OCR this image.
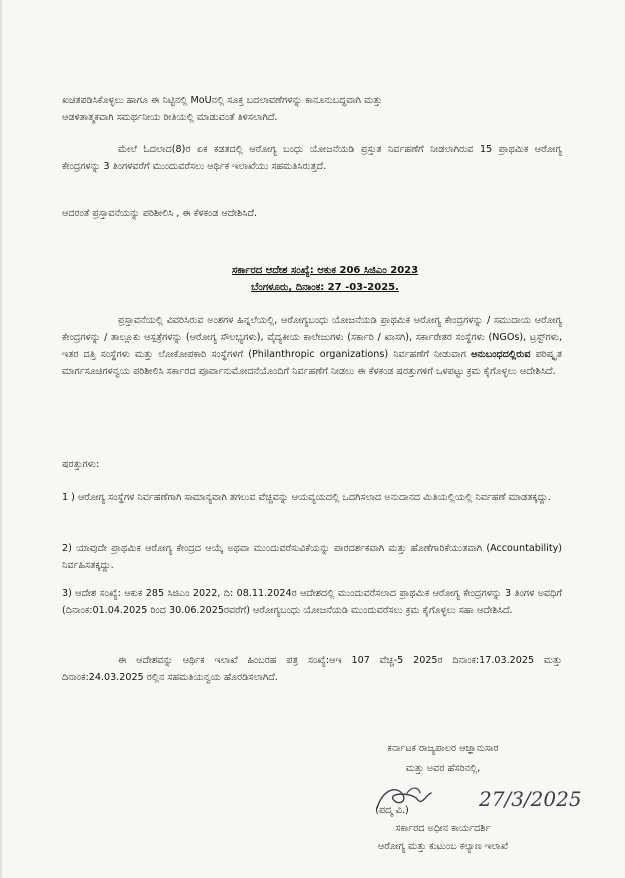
ಖಚಿತಪಡಿಸಿಕೊಳ್ಳಲು ಹಾಗೂ ಈ ನಿಟ್ಟಿನಲ್ಲಿ MoUನಲ್ಲಿ ಸೂಕ್ತ ಬದಲಾವಣೆಗಳನ್ನು ಕಾನೂನುಬದ್ಧವಾಗಿ ಮತ್ತು
ಆಡಳಿತಾತ್ಮಕವಾಗಿ ಸಮರ್ಥನೀಯ ರೀತಿಯಲ್ಲಿ ಮಾಡುವಂತೆ ತಿಳಿಸಲಾಗಿದೆ.
ಮೇಲೆ ಓದಲಾದ(8)ರ ಏಕ ಕಡತದಲ್ಲಿ ಆರೋಗ್ಯ ಬಂಧು ಯೋಜನೆಯಡಿ ಪ್ರಸ್ತುತ ನಿರ್ವಹಣೆಗೆ ನೀಡಲಾಗಿರುವ 15 ಪ್ರಾಥಮಿಕ ಆರೋಗ್ಯ ಕೇಂದ್ರಗಳನ್ನು 3 ತಿಂಗಳವರೆಗೆ ಮುಂದುವರೆಸಲು ಆರ್ಥಿಕ ಇಲಾಖೆಯು ಸಹಮತಿಸಿರುತ್ತದೆ.
ಆದರಂತೆ ಪ್ರಸ್ತಾವನೆಯನ್ನು ಪರಿಶೀಲಿಸಿ , ಈ ಕೆಳಕಂಡ ಆದೇಶಿಸಿದೆ.
ಸರ್ಕಾರದ ಆದೇಶ ಸಂಖ್ಯೆ: ಆಕುಕ 206 ಸಿಜಿಎಂ 2023
ಬೆಂಗಳೂರು, ದಿನಾಂಕ: 27 -03-2025.
ಪ್ರಸ್ತಾವನೆಯಲ್ಲಿ ವಿವರಿಸಿರುವ ಅಂಶಗಳ ಹಿನ್ನಲೆಯಲ್ಲಿ, ಆರೋಗ್ಯಬಂಧು ಯೋಜನೆಯಡಿ ಪ್ರಾಥಮಿಕ ಆರೋಗ್ಯ ಕೇಂದ್ರಗಳನ್ನು / ಸಮುದಾಯ ಆರೋಗ್ಯ ಕೇಂದ್ರಗಳನ್ನು / ತಾಲ್ಲೂಕು ಆಸ್ಪತ್ರೆಗಳನ್ನು (ಆರೋಗ್ಯ ಸೌಲಭ್ಯಗಳು), ವೈದ್ಯಕೀಯ ಕಾಲೇಜುಗಳು (ಸರ್ಕಾರಿ / ಖಾಸಗಿ), ಸರ್ಕಾರೇತರ ಸಂಸ್ಥೆಗಳು (NGOs), ಟ್ರಸ್ಟ್‌ಗಳು, ಇತರ ದತ್ತಿ ಸಂಸ್ಥೆಗಳು ಮತ್ತು ಲೋಕೋಪಕಾರಿ ಸಂಸ್ಥೆಗಳಿಗೆ (Philanthropic organizations) ನಿರ್ವಹಣೆಗೆ ನೀಡುವಾಗ ಅನುಬಂಧದಲ್ಲಿರುವ ಪರಿಷ್ಕೃತ ಮಾರ್ಗಸೂಚಿಗಳನ್ವಯ ಪರಿಶೀಲಿಸಿ ಸರ್ಕಾರದ ಪೂರ್ವಾನುಮೋದನೆಯೊಂದಿಗೆ ನಿರ್ವಹಣೆಗೆ ನೀಡಲು ಈ ಕೆಳಕಂಡ ಷರತ್ತುಗಳಿಗೆ ಒಳಪಟ್ಟು ಕ್ರಮ ಕೈಗೊಳ್ಳಲು ಆದೇಶಿಸಿದೆ.
ಷರತ್ತುಗಳು:
1 ) ಆರೋಗ್ಯ ಸಂಸ್ಥೆಗಳ ನಿರ್ವಹಣೆಗಾಗಿ ಸಾಮಾನ್ಯವಾಗಿ ತಗಲುವ ವೆಚ್ಚವನ್ನು ಆಯವ್ಯಯದಲ್ಲಿ ಒದಗಿಸಲಾದ ಅನುದಾನದ ಮಿತಿಯಲ್ಲಿಯಲ್ಲಿ ನಿರ್ವಹಣೆ ಮಾಡತಕ್ಕದ್ದು.
2) ಯಾವುದೇ ಪ್ರಾಥಮಿಕ ಆರೋಗ್ಯ ಕೇಂದ್ರದ ಆಯ್ಕೆ ಅಥವಾ ಮುಂದುವರೆಸುವಿಕೆಯನ್ನು ಪಾರದರ್ಶಕವಾಗಿ ಮತ್ತು ಹೊಣೆಗಾರಿಕೆಯುತವಾಗಿ (Accountability) ನಿರ್ವಹಿಸತಕ್ಕದ್ದು.
3) ಆದೇಶ ಸಂಖ್ಯೆ: ಆಕುಕ 285 ಸಿಜಿಎಂ 2022, ದಿ: 08.11.2024ರ ಆದೇಶದಲ್ಲಿ ಮುಂದುವರೆಸಲಾದ ಪ್ರಾಥಮಿಕ ಆರೋಗ್ಯ ಕೇಂದ್ರಗಳನ್ನು 3 ತಿಂಗಳ ಅವಧಿಗೆ (ದಿನಾಂಕ:01.04.2025 ರಿಂದ 30.06.2025ರವರೆಗೆ) ಆರೋಗ್ಯಬಂಧು ಯೋಜನೆಯಡಿ ಮುಂದುವರೆಸಲು ಕ್ರಮ ಕೈಗೊಳ್ಳಲು ಸಹಾ ಆದೇಶಿಸಿದೆ.
ಈ ಆದೇಶವನ್ನು ಆರ್ಥಿಕ ಇಲಾಖೆ ಹಿಂಬರಹ ಪತ್ರ ಸಂಖ್ಯೆ:ಆಇ 107 ವೆಚ್ಚ-5 2025ರ ದಿನಾಂಕ:17.03.2025 ಮತ್ತು ದಿನಾಂಕ:24.03.2025 ರಲ್ಲಿನ ಸಹಮತಿಯನ್ವಯ ಹೊರಡಿಸಲಾಗಿದೆ.
ಕರ್ನಾಟಕ ರಾಜ್ಯಪಾಲರ ಆಜ್ಞಾನುಸಾರ
ಮತ್ತು ಅವರ ಹೆಸರಿನಲ್ಲಿ,
27/3/2025
(ಪದ್ಮ ವಿ.)
ಸರ್ಕಾರದ ಅಧೀನ ಕಾರ್ಯದರ್ಶಿ
ಆರೋಗ್ಯ ಮತ್ತು ಕುಟುಂಬ ಕಲ್ಯಾಣ ಇಲಾಖೆ
